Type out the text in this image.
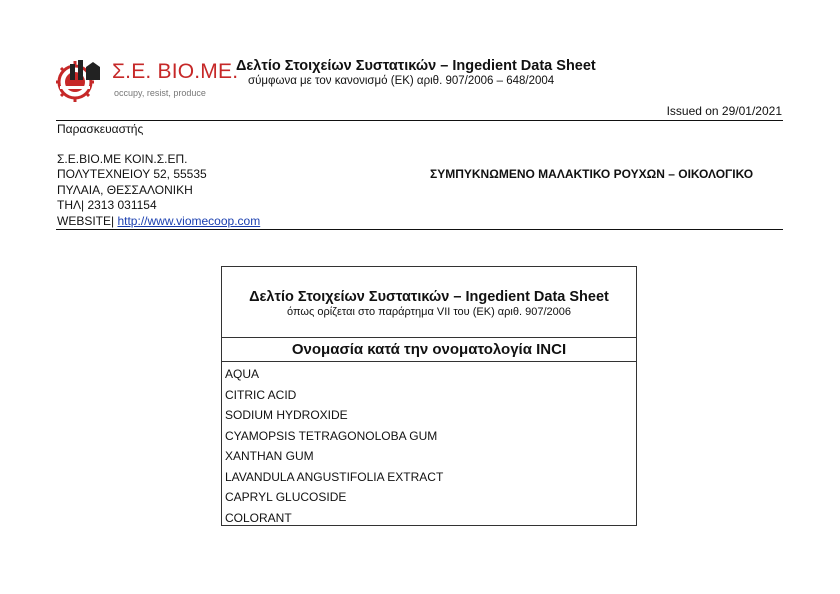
Σ.Ε. ΒΙΟ.ΜΕ.
occupy, resist, produce
Δελτίο Στοιχείων Συστατικών – Ingedient Data Sheet
σύμφωνα με τον κανονισμό (ΕΚ) αριθ. 907/2006 – 648/2004
Issued on 29/01/2021
Παρασκευαστής
Σ.Ε.ΒΙΟ.ΜΕ ΚΟΙΝ.Σ.ΕΠ.
ΠΟΛΥΤΕΧΝΕΙΟΥ 52, 55535
ΠΥΛΑΙΑ, ΘΕΣΣΑΛΟΝΙΚΗ
ΤΗΛ| 2313 031154
WEBSITE| http://www.viomecoop.com
ΣΥΜΠΥΚΝΩΜΕΝΟ ΜΑΛΑΚΤΙΚΟ ΡΟΥΧΩΝ – ΟΙΚΟΛΟΓΙΚΟ
Δελτίο Στοιχείων Συστατικών – Ingedient Data Sheet
όπως ορίζεται στο παράρτημα VII του (ΕΚ) αριθ. 907/2006
Ονομασία κατά την ονοματολογία INCI
AQUA
CITRIC ACID
SODIUM HYDROXIDE
CYAMOPSIS TETRAGONOLOBA GUM
XANTHAN GUM
LAVANDULA ANGUSTIFOLIA EXTRACT
CAPRYL GLUCOSIDE
COLORANT
